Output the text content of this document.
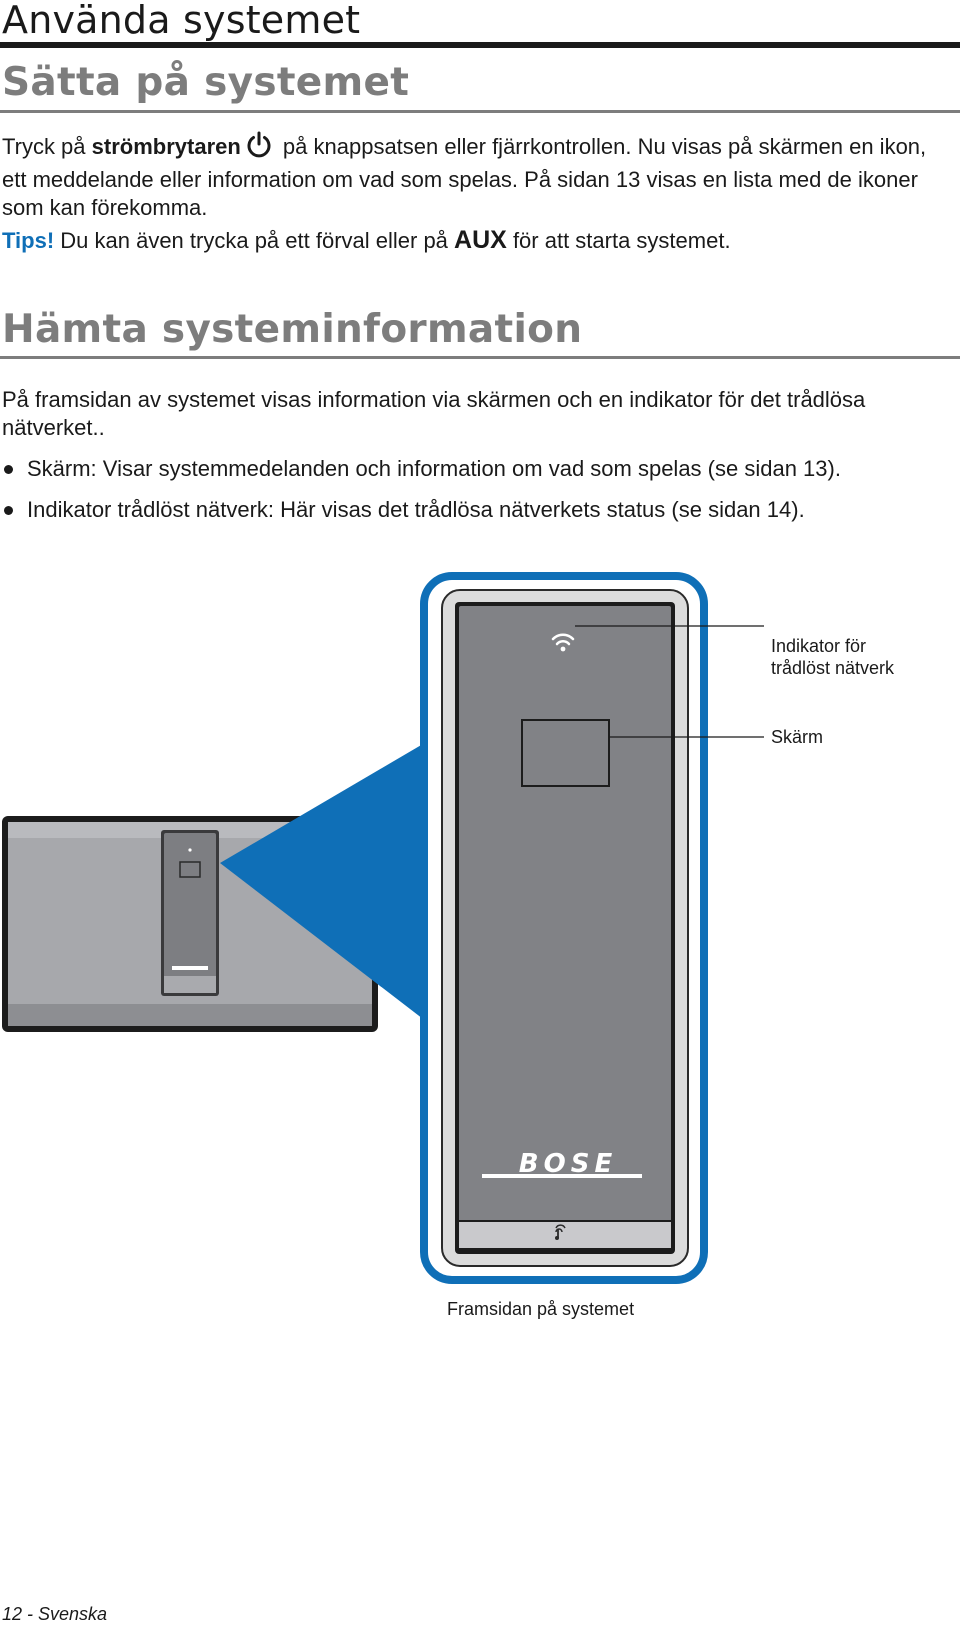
Använda systemet
Sätta på systemet
Tryck på strömbrytaren på knappsatsen eller fjärrkontrollen. Nu visas på skärmen en ikon, ett meddelande eller information om vad som spelas. På sidan 13 visas en lista med de ikoner som kan förekomma.
Tips! Du kan även trycka på ett förval eller på AUX för att starta systemet.
Hämta systeminformation
På framsidan av systemet visas information via skärmen och en indikator för det trådlösa nätverket..
Skärm: Visar systemmedelanden och information om vad som spelas (se sidan 13).
Indikator trådlöst nätverk: Här visas det trådlösa nätverkets status (se sidan 14).
BOSE
Indikator för
trådlöst nätverk
Skärm
Framsidan på systemet
12 - Svenska
